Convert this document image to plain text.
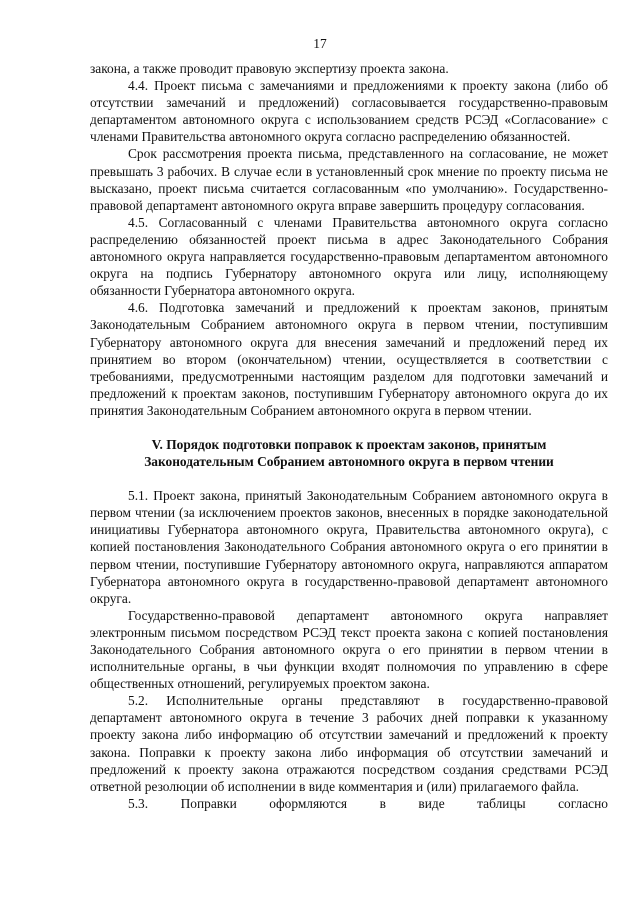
17

закона, а также проводит правовую экспертизу проекта закона.

4.4. Проект письма с замечаниями и предложениями к проекту закона (либо об отсутствии замечаний и предложений) согласовывается государственно-правовым департаментом автономного округа с использованием средств РСЭД «Согласование» с членами Правительства автономного округа согласно распределению обязанностей.

Срок рассмотрения проекта письма, представленного на согласование, не может превышать 3 рабочих. В случае если в установленный срок мнение по проекту письма не высказано, проект письма считается согласованным «по умолчанию». Государственно-правовой департамент автономного округа вправе завершить процедуру согласования.

4.5. Согласованный с членами Правительства автономного округа согласно распределению обязанностей проект письма в адрес Законодательного Собрания автономного округа направляется государственно-правовым департаментом автономного округа на подпись Губернатору автономного округа или лицу, исполняющему обязанности Губернатора автономного округа.

4.6. Подготовка замечаний и предложений к проектам законов, принятым Законодательным Собранием автономного округа в первом чтении, поступившим Губернатору автономного округа для внесения замечаний и предложений перед их принятием во втором (окончательном) чтении, осуществляется в соответствии с требованиями, предусмотренными настоящим разделом для подготовки замечаний и предложений к проектам законов, поступившим Губернатору автономного округа до их принятия Законодательным Собранием автономного округа в первом чтении.

V. Порядок подготовки поправок к проектам законов, принятым Законодательным Собранием автономного округа в первом чтении

5.1. Проект закона, принятый Законодательным Собранием автономного округа в первом чтении (за исключением проектов законов, внесенных в порядке законодательной инициативы Губернатора автономного округа, Правительства автономного округа), с копией постановления Законодательного Собрания автономного округа о его принятии в первом чтении, поступившие Губернатору автономного округа, направляются аппаратом Губернатора автономного округа в государственно-правовой департамент автономного округа.

Государственно-правовой департамент автономного округа направляет электронным письмом посредством РСЭД текст проекта закона с копией постановления Законодательного Собрания автономного округа о его принятии в первом чтении в исполнительные органы, в чьи функции входят полномочия по управлению в сфере общественных отношений, регулируемых проектом закона.

5.2. Исполнительные органы представляют в государственно-правовой департамент автономного округа в течение 3 рабочих дней поправки к указанному проекту закона либо информацию об отсутствии замечаний и предложений к проекту закона. Поправки к проекту закона либо информация об отсутствии замечаний и предложений к проекту закона отражаются посредством создания средствами РСЭД ответной резолюции об исполнении в виде комментария и (или) прилагаемого файла.

5.3. Поправки оформляются в виде таблицы согласно
